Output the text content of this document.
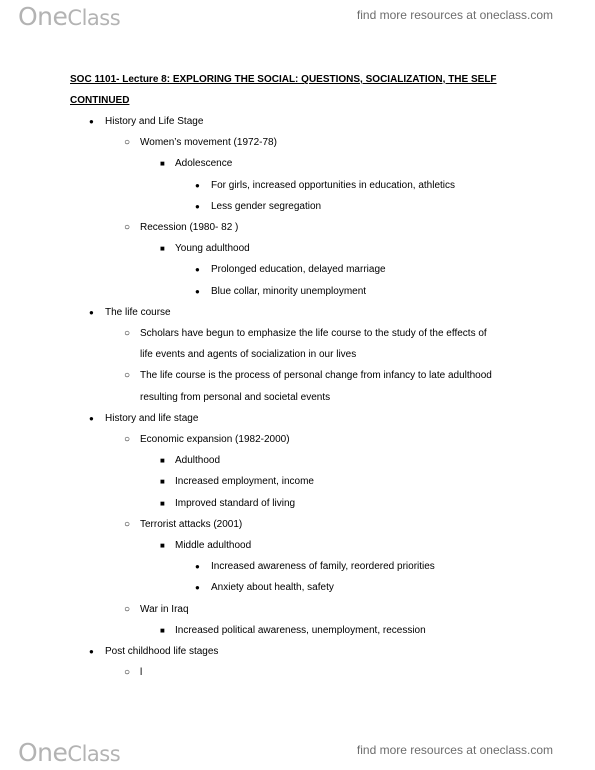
OneClass	find more resources at oneclass.com
SOC 1101- Lecture 8: EXPLORING THE SOCIAL: QUESTIONS, SOCIALIZATION, THE SELF
CONTINUED
●
History and Life Stage
○
Women’s movement (1972-78)
■
Adolescence
●
For girls, increased opportunities in education, athletics
●
Less gender segregation
○
Recession (1980- 82 )
■
Young adulthood
●
Prolonged education, delayed marriage
●
Blue collar, minority unemployment
●
The life course
○
Scholars have begun to emphasize the life course to the study of the effects of
life events and agents of socialization in our lives
○
The life course is the process of personal change from infancy to late adulthood
resulting from personal and societal events
●
History and life stage
○
Economic expansion (1982-2000)
■
Adulthood
■
Increased employment, income
■
Improved standard of living
○
Terrorist attacks (2001)
■
Middle adulthood
●
Increased awareness of family, reordered priorities
●
Anxiety about health, safety
○
War in Iraq
■
Increased political awareness, unemployment, recession
●
Post childhood life stages
○
l
OneClass	find more resources at oneclass.com
